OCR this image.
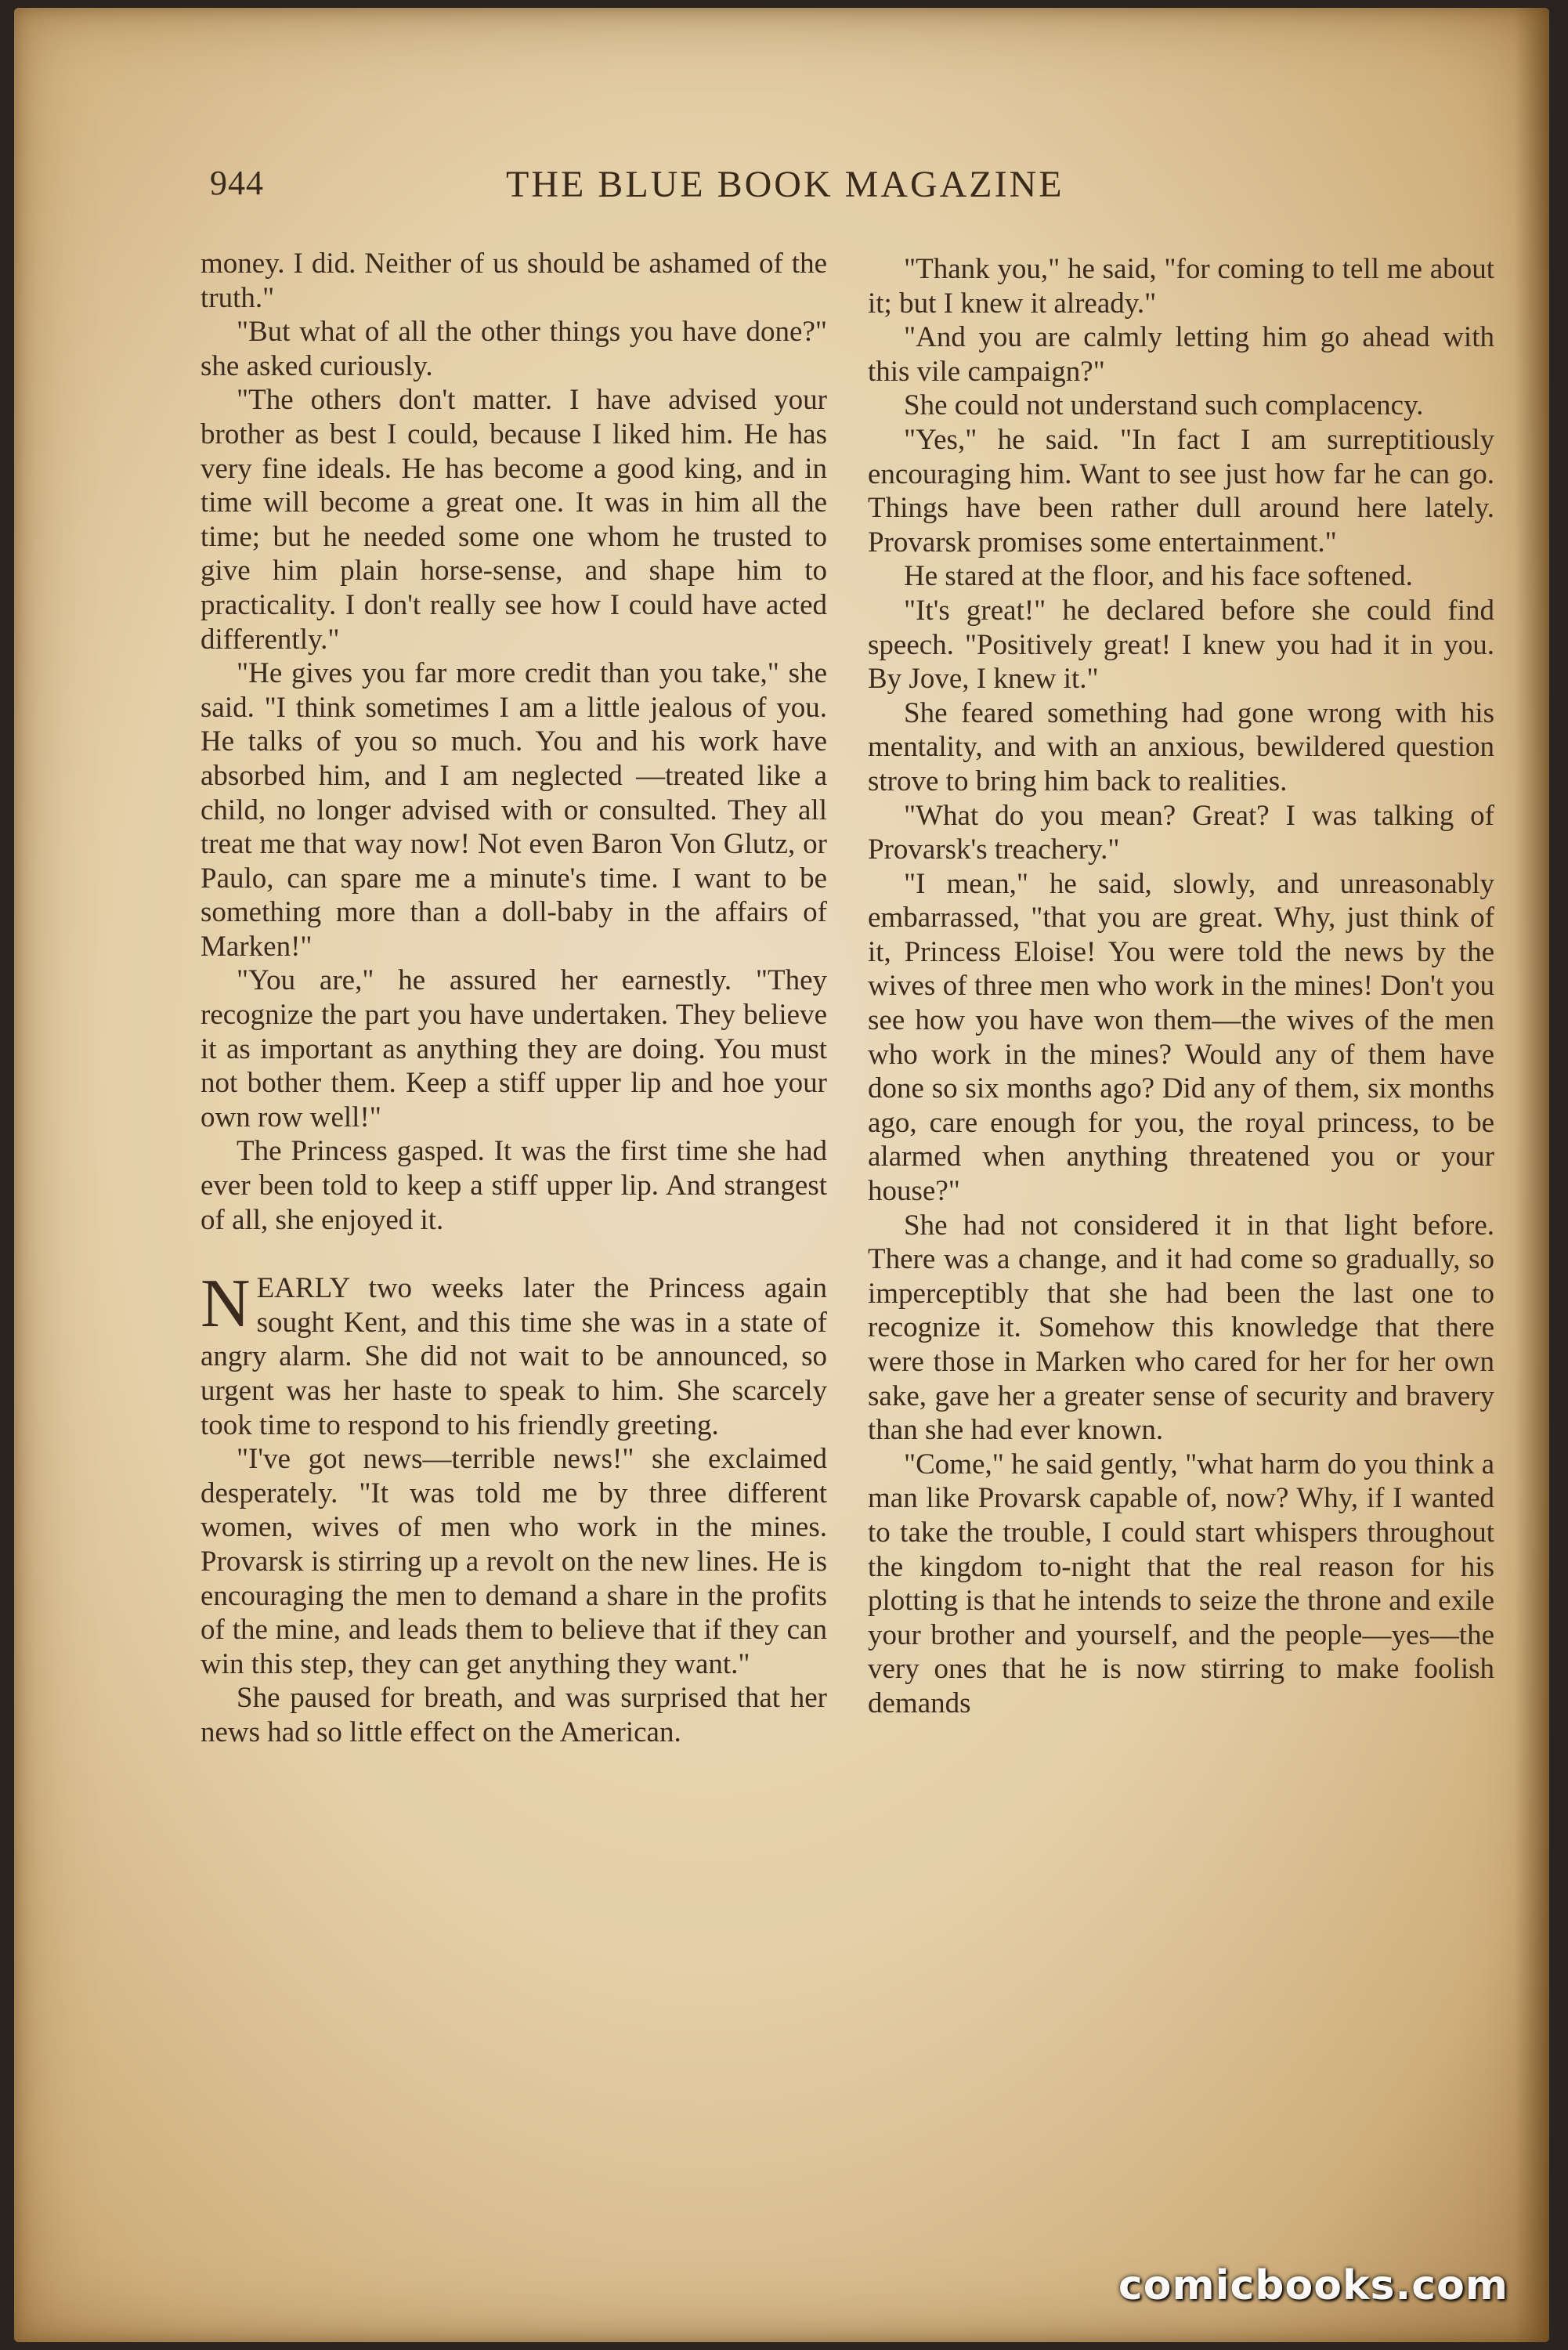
944	THE BLUE BOOK MAGAZINE

money. I did. Neither of us should be ashamed of the truth."

"But what of all the other things you have done?" she asked curiously.

"The others don't matter. I have advised your brother as best I could, because I liked him. He has very fine ideals. He has become a good king, and in time will become a great one. It was in him all the time; but he needed some one whom he trusted to give him plain horse-sense, and shape him to practicality. I don't really see how I could have acted differently."

"He gives you far more credit than you take," she said. "I think sometimes I am a little jealous of you. He talks of you so much. You and his work have absorbed him, and I am neglected —treated like a child, no longer advised with or consulted. They all treat me that way now! Not even Baron Von Glutz, or Paulo, can spare me a minute's time. I want to be something more than a doll-baby in the affairs of Marken!"

"You are," he assured her earnestly. "They recognize the part you have undertaken. They believe it as important as anything they are doing. You must not bother them. Keep a stiff upper lip and hoe your own row well!"

The Princess gasped. It was the first time she had ever been told to keep a stiff upper lip. And strangest of all, she enjoyed it.

NEARLY two weeks later the Princess again sought Kent, and this time she was in a state of angry alarm. She did not wait to be announced, so urgent was her haste to speak to him. She scarcely took time to respond to his friendly greeting.

"I've got news—terrible news!" she exclaimed desperately. "It was told me by three different women, wives of men who work in the mines. Provarsk is stirring up a revolt on the new lines. He is encouraging the men to demand a share in the profits of the mine, and leads them to believe that if they can win this step, they can get anything they want."

She paused for breath, and was surprised that her news had so little effect on the American.

"Thank you," he said, "for coming to tell me about it; but I knew it already."

"And you are calmly letting him go ahead with this vile campaign?"

She could not understand such complacency.

"Yes," he said. "In fact I am surreptitiously encouraging him. Want to see just how far he can go. Things have been rather dull around here lately. Provarsk promises some entertainment."

He stared at the floor, and his face softened.

"It's great!" he declared before she could find speech. "Positively great! I knew you had it in you. By Jove, I knew it."

She feared something had gone wrong with his mentality, and with an anxious, bewildered question strove to bring him back to realities.

"What do you mean? Great? I was talking of Provarsk's treachery."

"I mean," he said, slowly, and unreasonably embarrassed, "that you are great. Why, just think of it, Princess Eloise! You were told the news by the wives of three men who work in the mines! Don't you see how you have won them—the wives of the men who work in the mines? Would any of them have done so six months ago? Did any of them, six months ago, care enough for you, the royal princess, to be alarmed when anything threatened you or your house?"

She had not considered it in that light before. There was a change, and it had come so gradually, so imperceptibly that she had been the last one to recognize it. Somehow this knowledge that there were those in Marken who cared for her for her own sake, gave her a greater sense of security and bravery than she had ever known.

"Come," he said gently, "what harm do you think a man like Provarsk capable of, now? Why, if I wanted to take the trouble, I could start whispers throughout the kingdom to-night that the real reason for his plotting is that he intends to seize the throne and exile your brother and yourself, and the people—yes—the very ones that he is now stirring to make foolish demands

comicbooks.com
